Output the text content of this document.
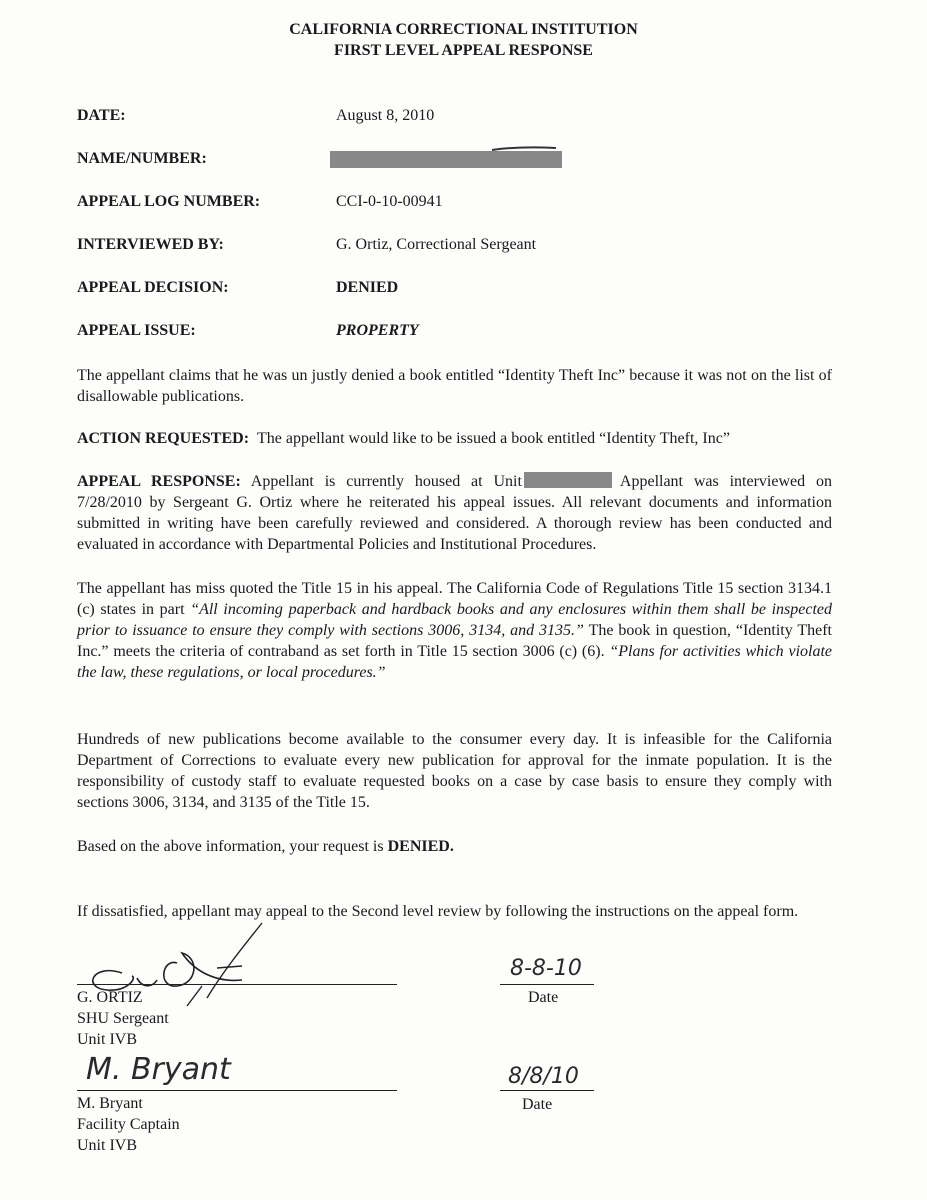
CALIFORNIA CORRECTIONAL INSTITUTION
FIRST LEVEL APPEAL RESPONSE
DATE:	August 8, 2010
NAME/NUMBER:
APPEAL LOG NUMBER:	CCI-0-10-00941
INTERVIEWED BY:	G. Ortiz, Correctional Sergeant
APPEAL DECISION:	DENIED
APPEAL ISSUE:	PROPERTY

The appellant claims that he was un justly denied a book entitled “Identity Theft Inc” because it was not on the list of disallowable publications.

ACTION REQUESTED: The appellant would like to be issued a book entitled “Identity Theft, Inc”

APPEAL RESPONSE: Appellant is currently housed at Unit	Appellant was interviewed on 7/28/2010 by Sergeant G. Ortiz where he reiterated his appeal issues. All relevant documents and information submitted in writing have been carefully reviewed and considered. A thorough review has been conducted and evaluated in accordance with Departmental Policies and Institutional Procedures.

The appellant has miss quoted the Title 15 in his appeal. The California Code of Regulations Title 15 section 3134.1 (c) states in part “All incoming paperback and hardback books and any enclosures within them shall be inspected prior to issuance to ensure they comply with sections 3006, 3134, and 3135.” The book in question, “Identity Theft Inc.” meets the criteria of contraband as set forth in Title 15 section 3006 (c) (6). “Plans for activities which violate the law, these regulations, or local procedures.”

Hundreds of new publications become available to the consumer every day. It is infeasible for the California Department of Corrections to evaluate every new publication for approval for the inmate population. It is the responsibility of custody staff to evaluate requested books on a case by case basis to ensure they comply with sections 3006, 3134, and 3135 of the Title 15.

Based on the above information, your request is DENIED.

If dissatisfied, appellant may appeal to the Second level review by following the instructions on the appeal form.

G. ORTIZ
SHU Sergeant
Unit IVB
8-8-10
Date
M. Bryant
M. Bryant
Facility Captain
Unit IVB
8/8/10
Date
